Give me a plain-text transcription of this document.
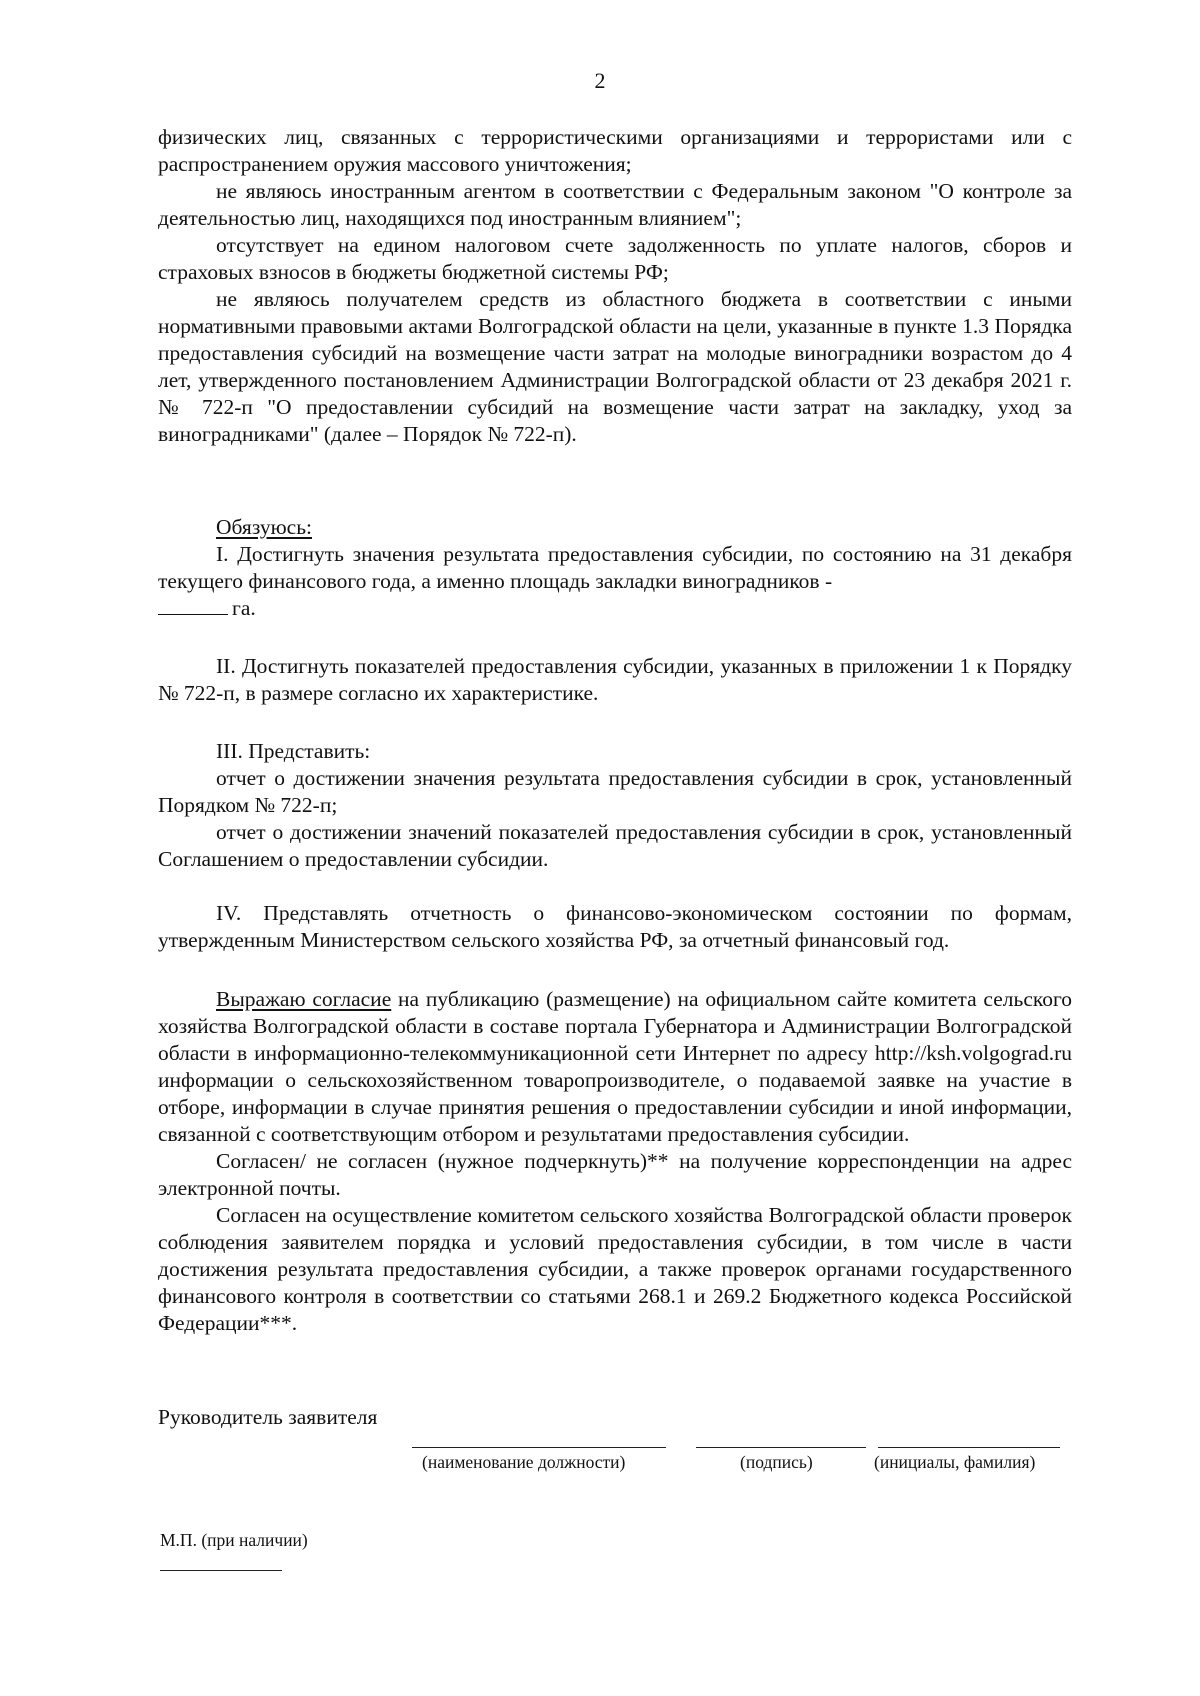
2

физических лиц, связанных с террористическими организациями и террористами или с распространением оружия массового уничтожения;

не являюсь иностранным агентом в соответствии с Федеральным законом "О контроле за деятельностью лиц, находящихся под иностранным влиянием";

отсутствует на едином налоговом счете задолженность по уплате налогов, сборов и страховых взносов в бюджеты бюджетной системы РФ;

не являюсь получателем средств из областного бюджета в соответствии с иными нормативными правовыми актами Волгоградской области на цели, указанные в пункте 1.3 Порядка предоставления субсидий на возмещение части затрат на молодые виноградники возрастом до 4 лет, утвержденного постановлением Администрации Волгоградской области от 23 декабря 2021 г. № 722-п "О предоставлении субсидий на возмещение части затрат на закладку, уход за виноградниками" (далее – Порядок № 722-п).

Обязуюсь:

I. Достигнуть значения результата предоставления субсидии, по состоянию на 31 декабря текущего финансового года, а именно площадь закладки виноградников -

га.

II. Достигнуть показателей предоставления субсидии, указанных в приложении 1 к Порядку № 722-п, в размере согласно их характеристике.

III. Представить:

отчет о достижении значения результата предоставления субсидии в срок, установленный Порядком № 722-п;

отчет о достижении значений показателей предоставления субсидии в срок, установленный Соглашением о предоставлении субсидии.

IV. Представлять отчетность о финансово-экономическом состоянии по формам, утвержденным Министерством сельского хозяйства РФ, за отчетный финансовый год.

Выражаю согласие на публикацию (размещение) на официальном сайте комитета сельского хозяйства Волгоградской области в составе портала Губернатора и Администрации Волгоградской области в информационно-телекоммуникационной сети Интернет по адресу http://ksh.volgograd.ru информации о сельскохозяйственном товаропроизводителе, о подаваемой заявке на участие в отборе, информации в случае принятия решения о предоставлении субсидии и иной информации, связанной с соответствующим отбором и результатами предоставления субсидии.

Согласен/ не согласен (нужное подчеркнуть)** на получение корреспонденции на адрес электронной почты.

Согласен на осуществление комитетом сельского хозяйства Волгоградской области проверок соблюдения заявителем порядка и условий предоставления субсидии, в том числе в части достижения результата предоставления субсидии, а также проверок органами государственного финансового контроля в соответствии со статьями 268.1 и 269.2 Бюджетного кодекса Российской Федерации***.

Руководитель заявителя

(наименование должности)	(подпись)	(инициалы, фамилия)
М.П. (при наличии)
